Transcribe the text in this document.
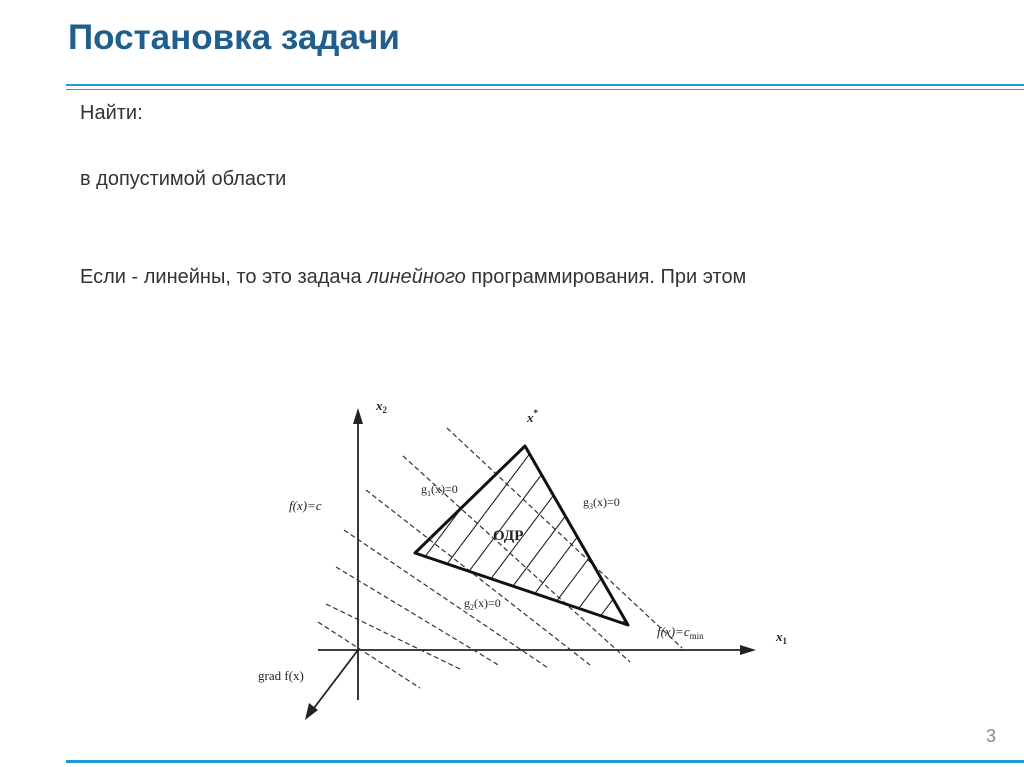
Постановка задачи
Найти:
в допустимой области
Если - линейны, то это задача линейного программирования. При этом
$x_2$
$x_1$
x*
ОДР
$g_1(x)=0$
$g_2(x)=0$
$g_3(x)=0$
f(x)=c
$f(x)=c_{min}$
grad f(x)
3
